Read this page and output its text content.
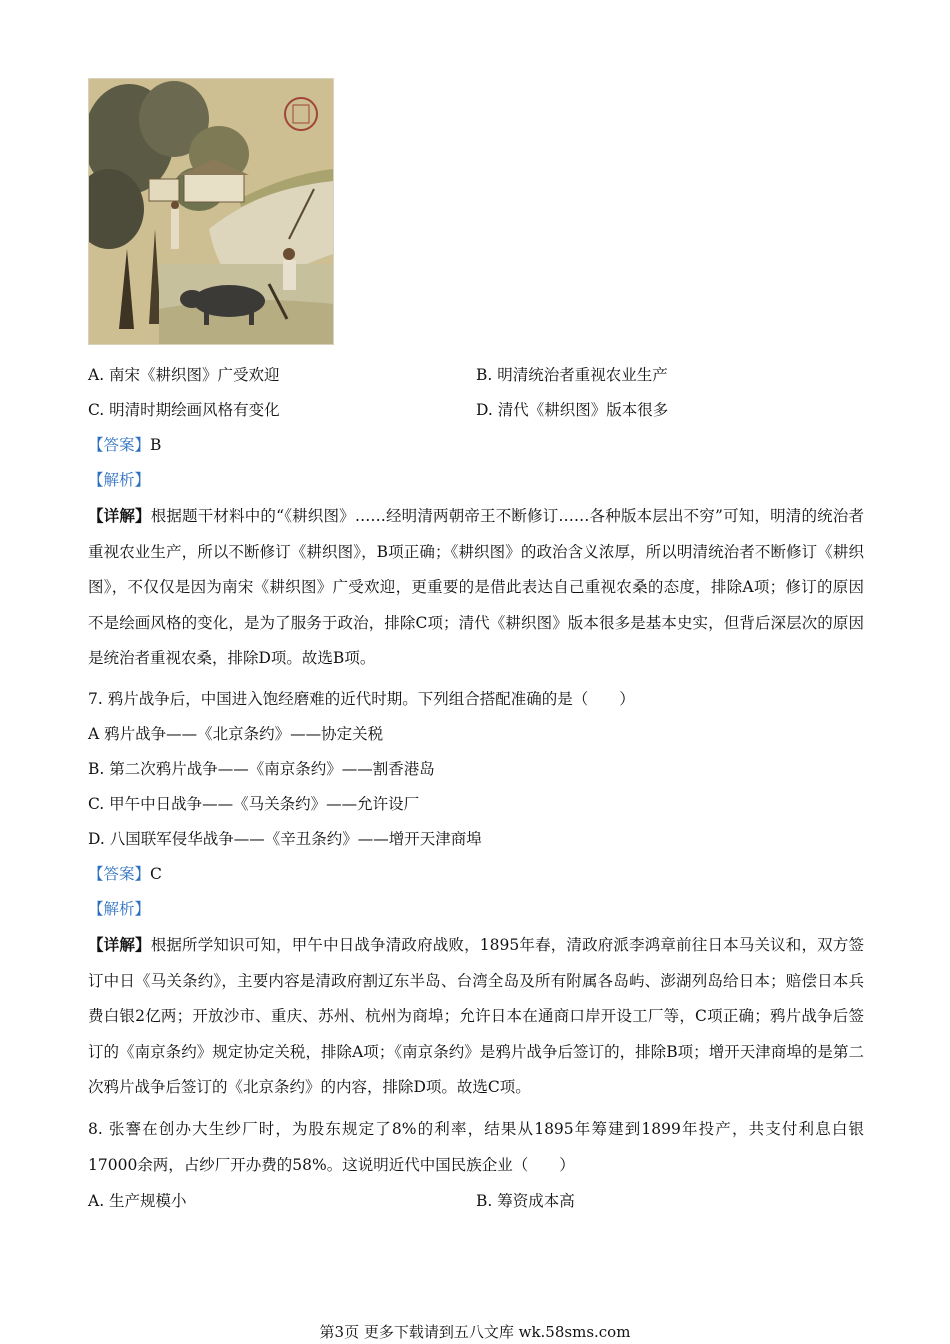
A. 南宋《耕织图》广受欢迎	B. 明清统治者重视农业生产
C. 明清时期绘画风格有变化	D. 清代《耕织图》版本很多
【答案】B
【解析】
【详解】根据题干材料中的“《耕织图》……经明清两朝帝王不断修订……各种版本层出不穷”可知，明清的统治者重视农业生产，所以不断修订《耕织图》，B项正确；《耕织图》的政治含义浓厚，所以明清统治者不断修订《耕织图》，不仅仅是因为南宋《耕织图》广受欢迎，更重要的是借此表达自己重视农桑的态度，排除A项；修订的原因不是绘画风格的变化，是为了服务于政治，排除C项；清代《耕织图》版本很多是基本史实，但背后深层次的原因是统治者重视农桑，排除D项。故选B项。
7. 鸦片战争后，中国进入饱经磨难的近代时期。下列组合搭配准确的是（　　）
A 鸦片战争——《北京条约》——协定关税
B. 第二次鸦片战争——《南京条约》——割香港岛
C. 甲午中日战争——《马关条约》——允许设厂
D. 八国联军侵华战争——《辛丑条约》——增开天津商埠
【答案】C
【解析】
【详解】根据所学知识可知，甲午中日战争清政府战败，1895年春，清政府派李鸿章前往日本马关议和，双方签订中日《马关条约》，主要内容是清政府割辽东半岛、台湾全岛及所有附属各岛屿、澎湖列岛给日本；赔偿日本兵费白银2亿两；开放沙市、重庆、苏州、杭州为商埠；允许日本在通商口岸开设工厂等，C项正确；鸦片战争后签订的《南京条约》规定协定关税，排除A项；《南京条约》是鸦片战争后签订的，排除B项；增开天津商埠的是第二次鸦片战争后签订的《北京条约》的内容，排除D项。故选C项。
8. 张謇在创办大生纱厂时，为股东规定了8%的利率，结果从1895年筹建到1899年投产，共支付利息白银17000余两，占纱厂开办费的58%。这说明近代中国民族企业（　　）
A. 生产规模小	B. 筹资成本高
第3页 更多下载请到五八文库 wk.58sms.com
